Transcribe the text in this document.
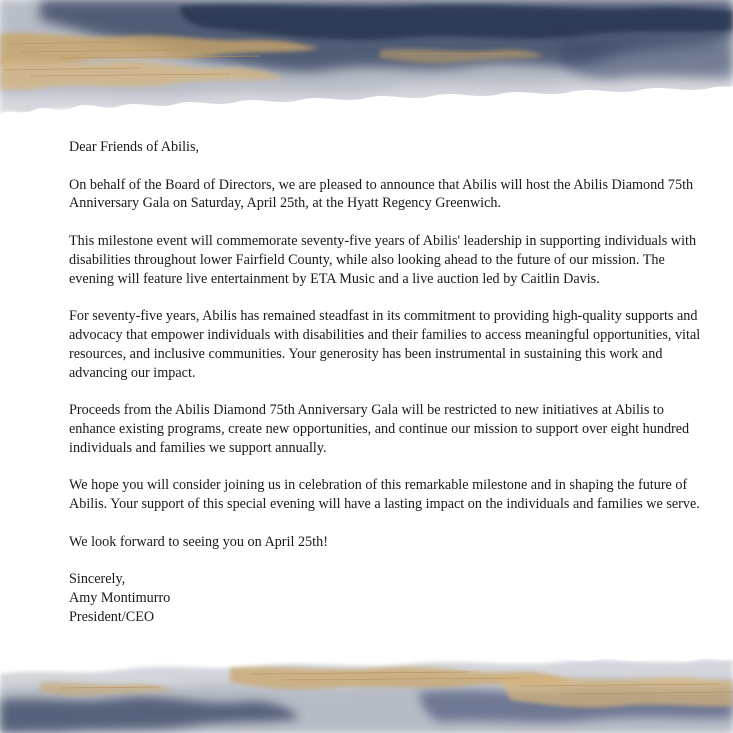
Dear Friends of Abilis,

On behalf of the Board of Directors, we are pleased to announce that Abilis will host the Abilis Diamond 75th Anniversary Gala on Saturday, April 25th, at the Hyatt Regency Greenwich.

This milestone event will commemorate seventy-five years of Abilis' leadership in supporting individuals with disabilities throughout lower Fairfield County, while also looking ahead to the future of our mission. The evening will feature live entertainment by ETA Music and a live auction led by Caitlin Davis.

For seventy-five years, Abilis has remained steadfast in its commitment to providing high-quality supports and advocacy that empower individuals with disabilities and their families to access meaningful opportunities, vital resources, and inclusive communities. Your generosity has been instrumental in sustaining this work and advancing our impact.

Proceeds from the Abilis Diamond 75th Anniversary Gala will be restricted to new initiatives at Abilis to enhance existing programs, create new opportunities, and continue our mission to support over eight hundred individuals and families we support annually.

We hope you will consider joining us in celebration of this remarkable milestone and in shaping the future of Abilis. Your support of this special evening will have a lasting impact on the individuals and families we serve.

We look forward to seeing you on April 25th!

Sincerely,

Amy Montimurro

President/CEO
